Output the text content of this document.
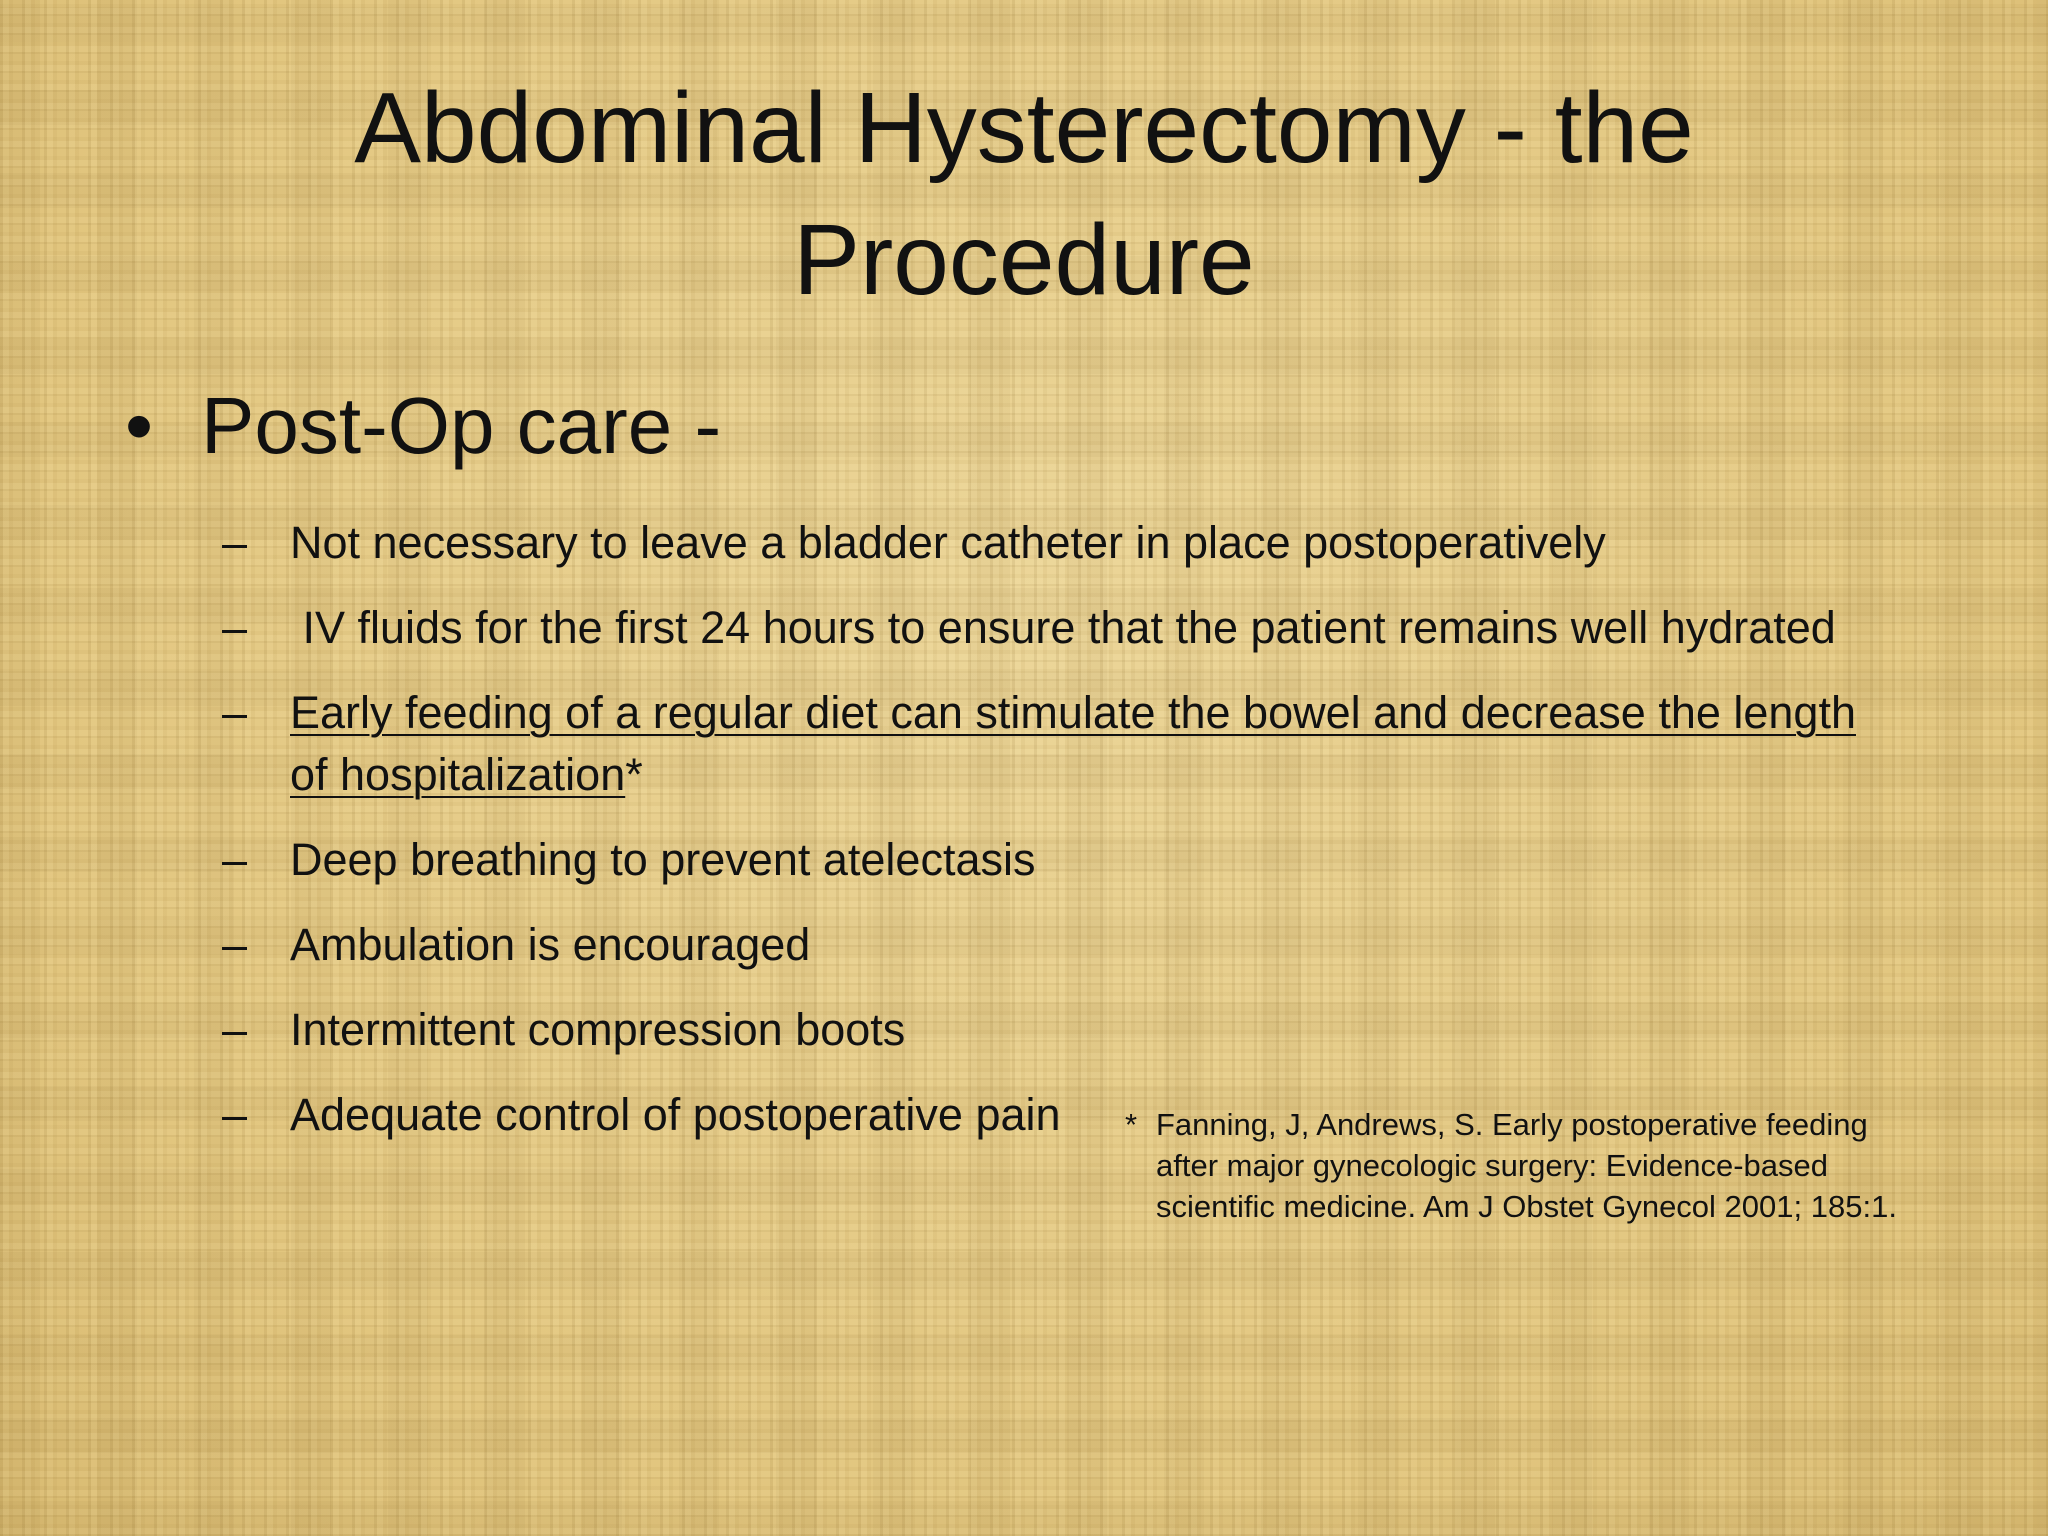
Abdominal Hysterectomy - the Procedure
• Post-Op care -
– Not necessary to leave a bladder catheter in place postoperatively
– IV fluids for the first 24 hours to ensure that the patient remains well hydrated
– Early feeding of a regular diet can stimulate the bowel and decrease the length of hospitalization*
– Deep breathing to prevent atelectasis
– Ambulation is encouraged
– Intermittent compression boots
– Adequate control of postoperative pain	* Fanning, J, Andrews, S. Early postoperative feeding after major gynecologic surgery: Evidence-based scientific medicine. Am J Obstet Gynecol 2001; 185:1.
